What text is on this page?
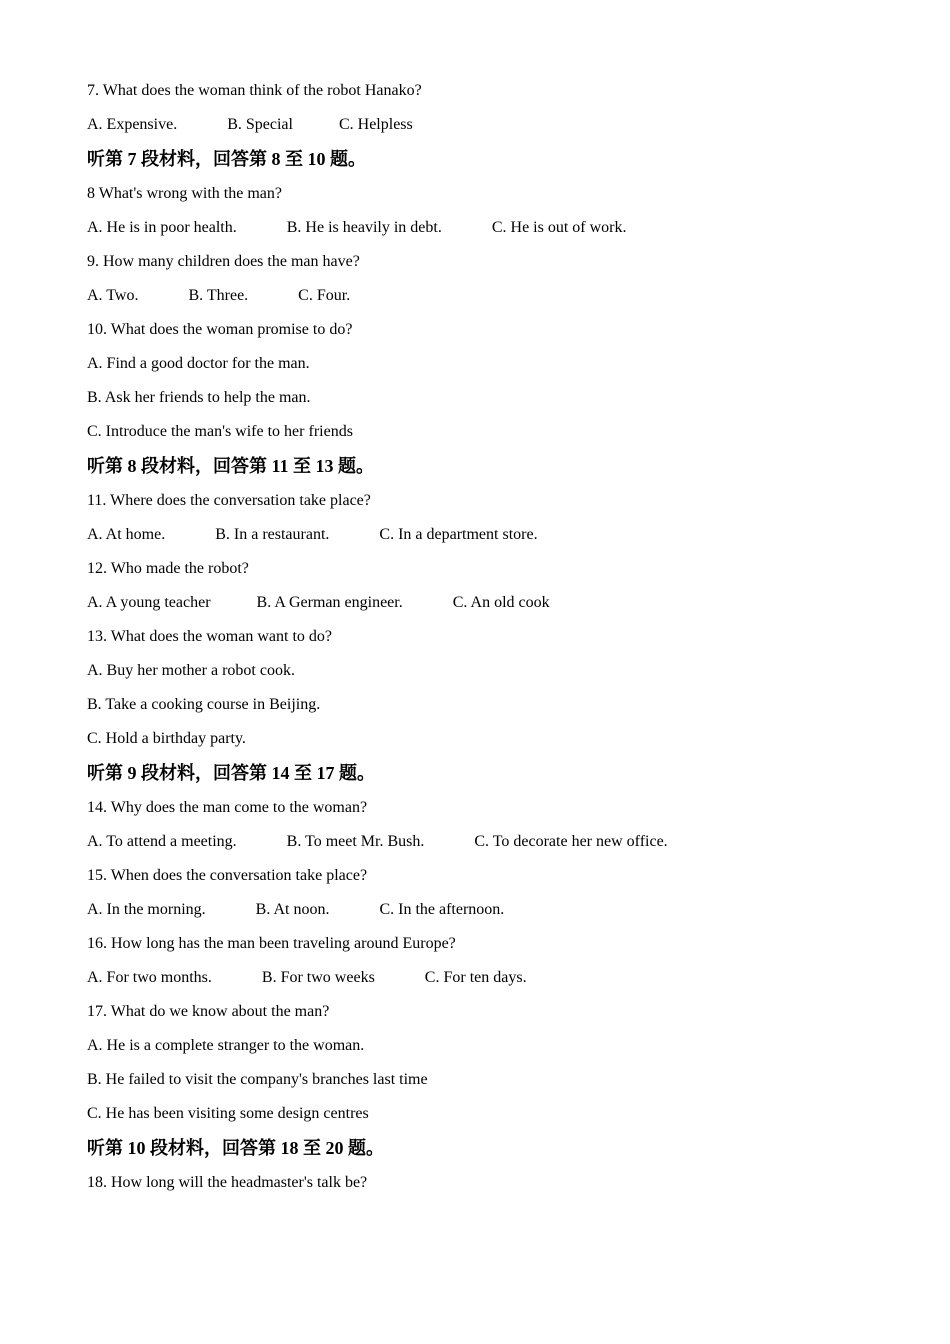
7. What does the woman think of the robot Hanako?
A. Expensive.	B. Special	C. Helpless
听第 7 段材料，回答第 8 至 10 题。
8 What's wrong with the man?
A. He is in poor health.	B. He is heavily in debt.	C. He is out of work.
9. How many children does the man have?
A. Two.	B. Three.	C. Four.
10. What does the woman promise to do?
A. Find a good doctor for the man.
B. Ask her friends to help the man.
C. Introduce the man's wife to her friends
听第 8 段材料，回答第 11 至 13 题。
11. Where does the conversation take place?
A. At home.	B. In a restaurant.	C. In a department store.
12. Who made the robot?
A. A young teacher	B. A German engineer.	C. An old cook
13. What does the woman want to do?
A. Buy her mother a robot cook.
B. Take a cooking course in Beijing.
C. Hold a birthday party.
听第 9 段材料，回答第 14 至 17 题。
14. Why does the man come to the woman?
A. To attend a meeting.	B. To meet Mr. Bush.	C. To decorate her new office.
15. When does the conversation take place?
A. In the morning.	B. At noon.	C. In the afternoon.
16. How long has the man been traveling around Europe?
A. For two months.	B. For two weeks	C. For ten days.
17. What do we know about the man?
A. He is a complete stranger to the woman.
B. He failed to visit the company's branches last time
C. He has been visiting some design centres
听第 10 段材料，回答第 18 至 20 题。
18. How long will the headmaster's talk be?
